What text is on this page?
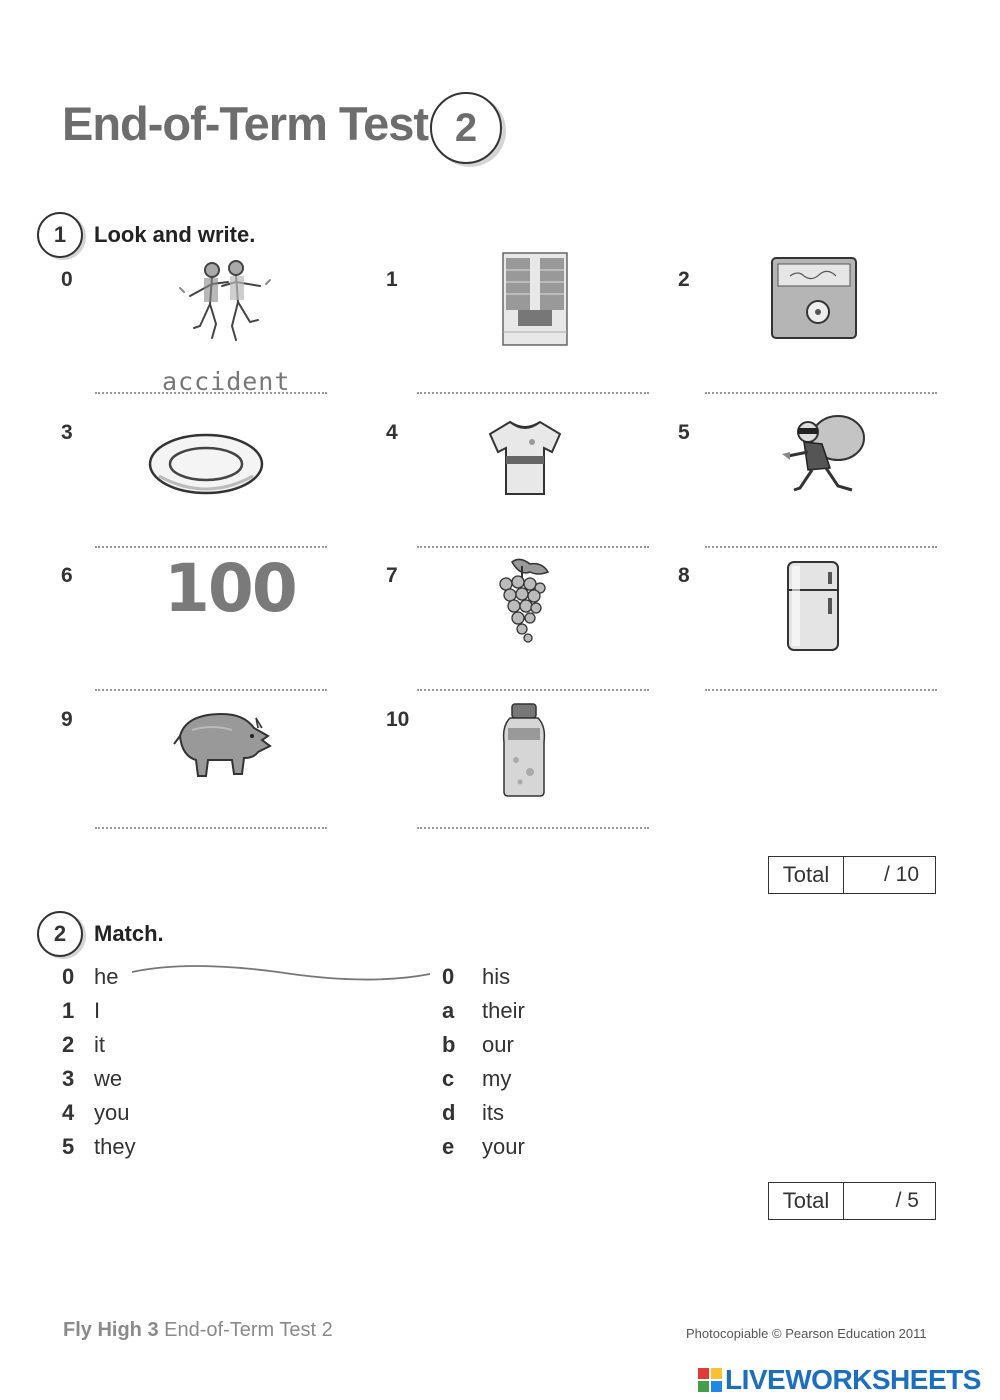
End-of-Term Test 2
1	Look and write.
0
accident
1	2
3	4	5
6 100	7	8
9	10
Total	/ 10
2	Match.
0 he
1 I
2 it
3 we
4 you
5 they
0 his
a their
b our
c my
d its
e your
Total	/ 5
Fly High 3 End-of-Term Test 2	Photocopiable © Pearson Education 2011
LIVEWORKSHEETS
